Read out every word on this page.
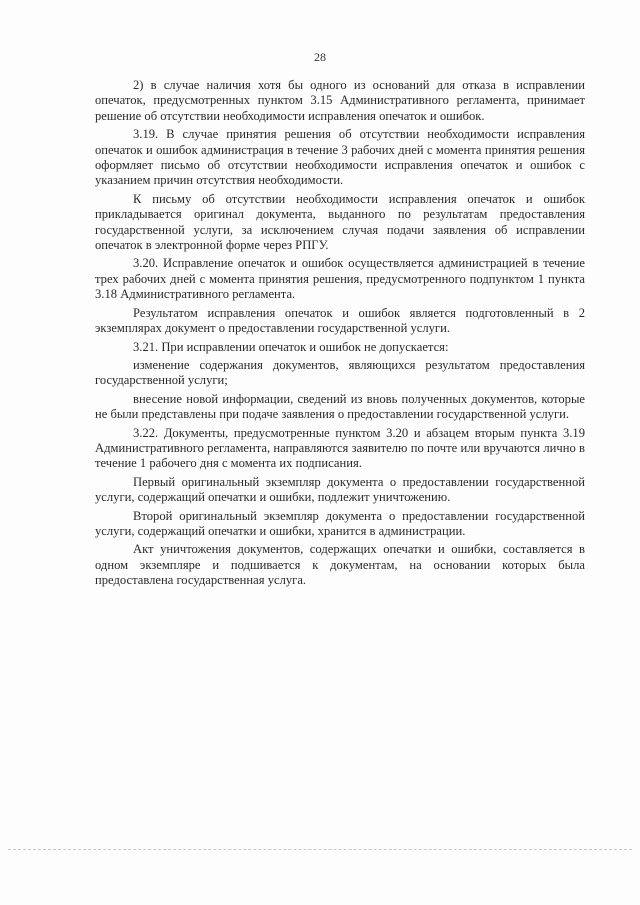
28

2) в случае наличия хотя бы одного из оснований для отказа в исправлении опечаток, предусмотренных пунктом 3.15 Административного регламента, принимает решение об отсутствии необходимости исправления опечаток и ошибок.

3.19. В случае принятия решения об отсутствии необходимости исправления опечаток и ошибок администрация в течение 3 рабочих дней с момента принятия решения оформляет письмо об отсутствии необходимости исправления опечаток и ошибок с указанием причин отсутствия необходимости.

К письму об отсутствии необходимости исправления опечаток и ошибок прикладывается оригинал документа, выданного по результатам предоставления государственной услуги, за исключением случая подачи заявления об исправлении опечаток в электронной форме через РПГУ.

3.20. Исправление опечаток и ошибок осуществляется администрацией в течение трех рабочих дней с момента принятия решения, предусмотренного подпунктом 1 пункта 3.18 Административного регламента.

Результатом исправления опечаток и ошибок является подготовленный в 2 экземплярах документ о предоставлении государственной услуги.

3.21. При исправлении опечаток и ошибок не допускается:

изменение содержания документов, являющихся результатом предоставления государственной услуги;

внесение новой информации, сведений из вновь полученных документов, которые не были представлены при подаче заявления о предоставлении государственной услуги.

3.22. Документы, предусмотренные пунктом 3.20 и абзацем вторым пункта 3.19 Административного регламента, направляются заявителю по почте или вручаются лично в течение 1 рабочего дня с момента их подписания.

Первый оригинальный экземпляр документа о предоставлении государственной услуги, содержащий опечатки и ошибки, подлежит уничтожению.

Второй оригинальный экземпляр документа о предоставлении государственной услуги, содержащий опечатки и ошибки, хранится в администрации.

Акт уничтожения документов, содержащих опечатки и ошибки, составляется в одном экземпляре и подшивается к документам, на основании которых была предоставлена государственная услуга.
